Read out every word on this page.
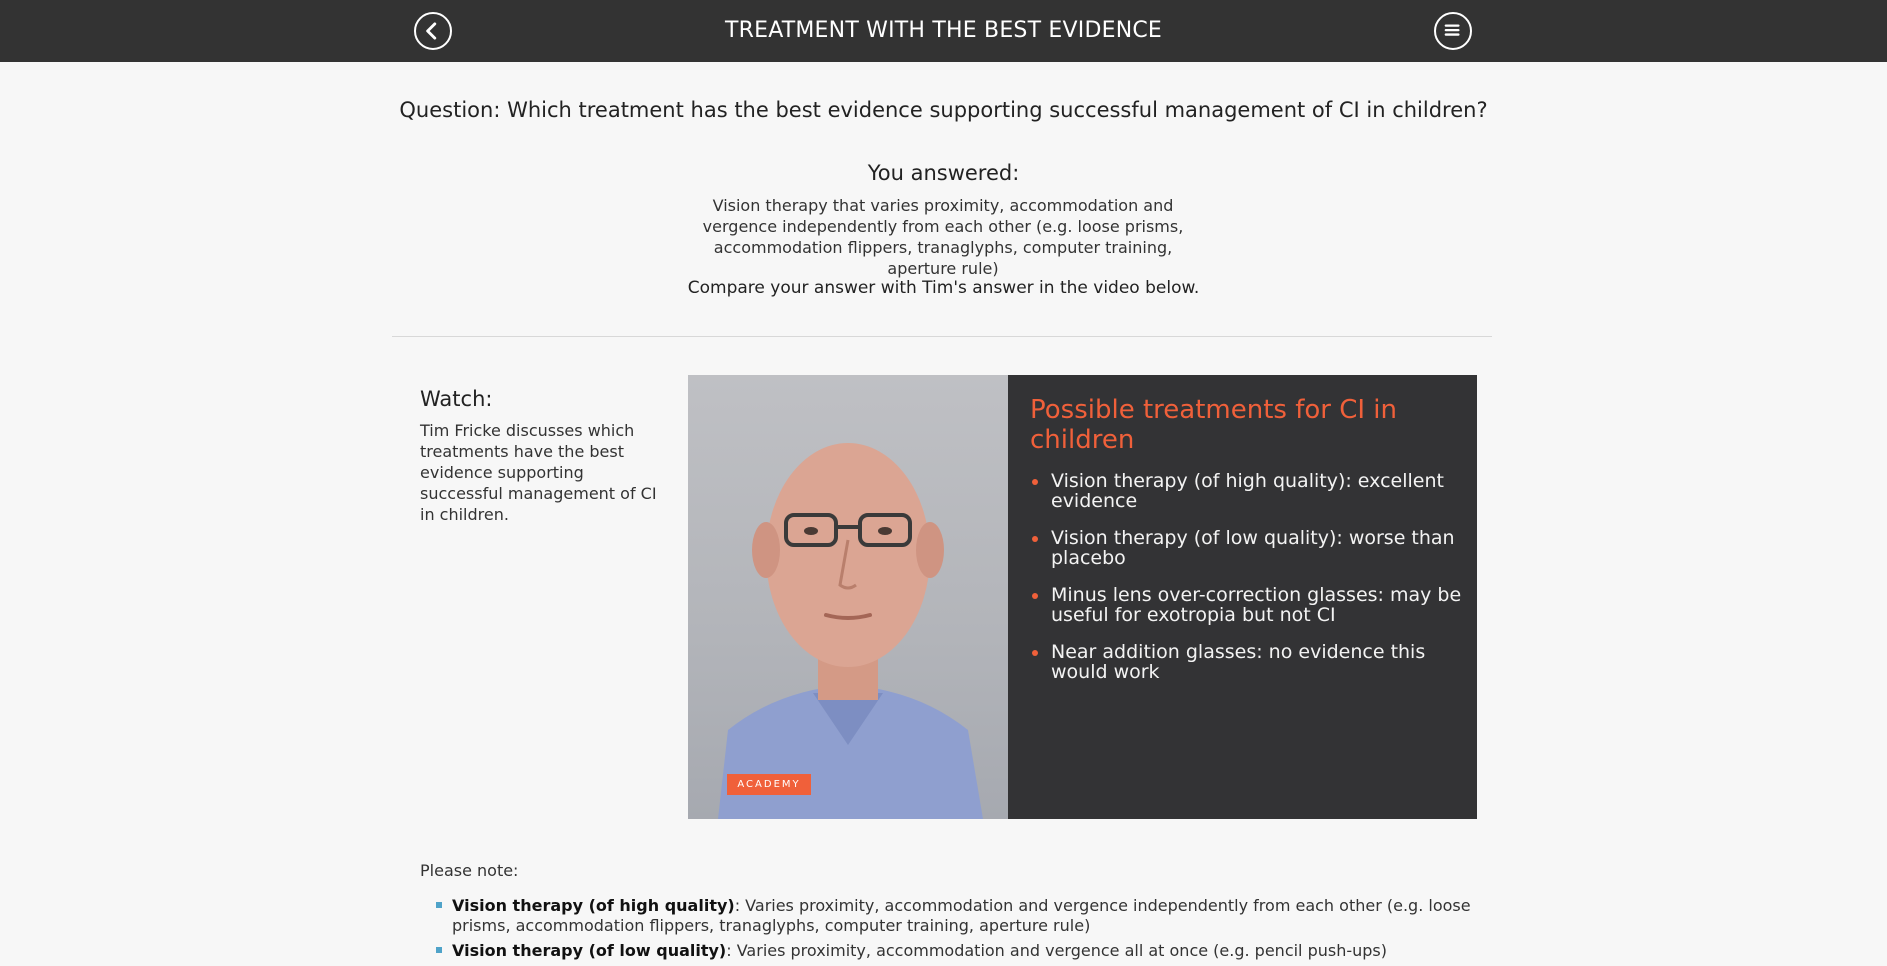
TREATMENT WITH THE BEST EVIDENCE
Question: Which treatment has the best evidence supporting successful management of CI in children?
You answered:
Vision therapy that varies proximity, accommodation and vergence independently from each other (e.g. loose prisms, accommodation flippers, tranaglyphs, computer training, aperture rule)
Compare your answer with Tim's answer in the video below.
Watch:
Tim Fricke discusses which treatments have the best evidence supporting successful management of CI in children.
ACADEMY
Possible treatments for CI in children
Vision therapy (of high quality): excellent evidence
Vision therapy (of low quality): worse than placebo
Minus lens over-correction glasses: may be useful for exotropia but not CI
Near addition glasses: no evidence this would work
Please note:
Vision therapy (of high quality): Varies proximity, accommodation and vergence independently from each other (e.g. loose prisms, accommodation flippers, tranaglyphs, computer training, aperture rule)
Vision therapy (of low quality): Varies proximity, accommodation and vergence all at once (e.g. pencil push-ups)
